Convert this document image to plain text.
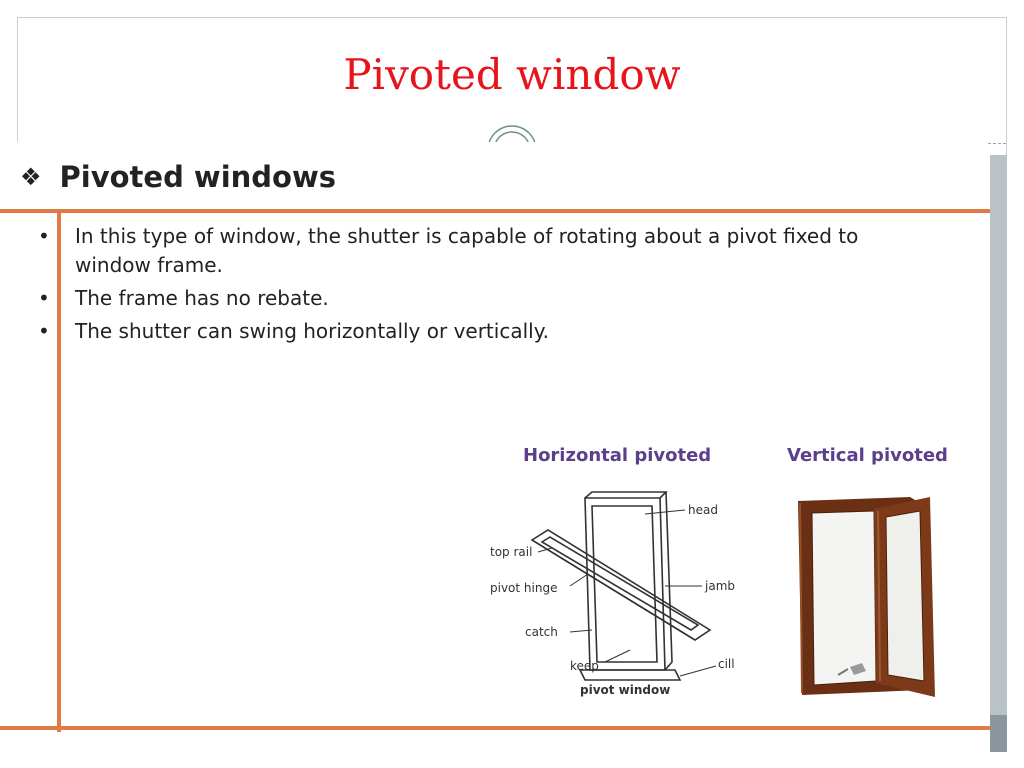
Pivoted window
❖ Pivoted windows
•	In this type of window, the shutter is capable of rotating about a pivot fixed to window frame.
•	The frame has no rebate.
•	The shutter can swing horizontally or vertically.
Horizontal pivoted	Vertical pivoted
head
top rail
pivot hinge	jamb
catch
keep	cill
pivot window
